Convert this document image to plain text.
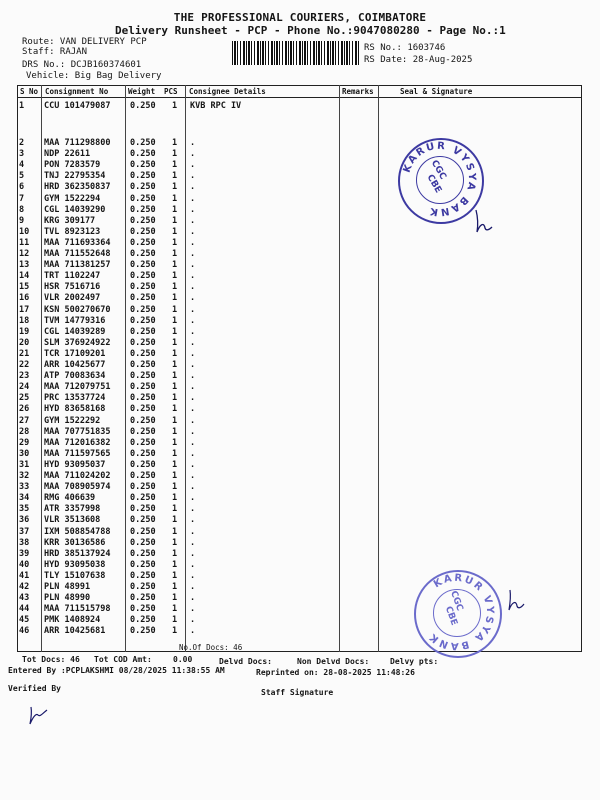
THE PROFESSIONAL COURIERS, COIMBATORE
Delivery Runsheet - PCP - Phone No.:9047080280 - Page No.:1
Route: VAN DELIVERY PCP
Staff: RAJAN
DRS No.: DCJB160374601
Vehicle: Big Bag Delivery
RS No.: 1603746
RS Date: 28-Aug-2025
S No Consignment No	Weight PCS Consignee Details	Remarks	Seal & Signature
1 CCU 101479087 0.250 1 KVB RPC IV
2 MAA 711298800 0.250 1 .
3 NDP 22611	0.250 1 .
4 PON 7283579	0.250 1 .
5 TNJ 22795354	0.250 1 .
6 HRD 362350837 0.250 1 .
7 GYM 1522294	0.250 1 .
8 CGL 14039290	0.250 1 .
9 KRG 309177	0.250 1 .
10 TVL 8923123	0.250 1 .
11 MAA 711693364 0.250 1 .
12 MAA 711552648 0.250 1 .
13 MAA 711381257 0.250 1 .
14 TRT 1102247	0.250 1 .
15 HSR 7516716	0.250 1 .
16 VLR 2002497	0.250 1 .
17 KSN 500270670 0.250 1 .
18 TVM 14779316	0.250 1 .
19 CGL 14039289	0.250 1 .
20 SLM 376924922 0.250 1 .
21 TCR 17109201	0.250 1 .
22 ARR 10425677	0.250 1 .
23 ATP 70083634	0.250 1 .
24 MAA 712079751 0.250 1 .
25 PRC 13537724	0.250 1 .
26 HYD 83658168	0.250 1 .
27 GYM 1522292	0.250 1 .
28 MAA 707751835 0.250 1 .
29 MAA 712016382 0.250 1 .
30 MAA 711597565 0.250 1 .
31 HYD 93095037	0.250 1 .
32 MAA 711024202 0.250 1 .
33 MAA 708905974 0.250 1 .
34 RMG 406639	0.250 1 .
35 ATR 3357998	0.250 1 .
36 VLR 3513608	0.250 1 .
37 IXM 508854788 0.250 1 .
38 KRR 30136586	0.250 1 .
39 HRD 385137924 0.250 1 .
40 HYD 93095038	0.250 1 .
41 TLY 15107638	0.250 1 .
42 PLN 48991	0.250 1 .
43 PLN 48990	0.250 1 .
44 MAA 711515798 0.250 1 .
45 PMK 1408924	0.250 1 .
46 ARR 10425681	0.250 1 .
No.Of Docs: 46
KARUR VYSYA BANK
CGC
CBE
KARUR VYSYA BANK
CGC
CBE
Tot Docs: 46 Tot COD Amt:	0.00	Delvd Docs:	Non Delvd Docs:	Delvy pts:
Entered By :PCPLAKSHMI 08/28/2025 11:38:55 AM	Reprinted on: 28-08-2025 11:48:26
Verified By	Staff Signature
